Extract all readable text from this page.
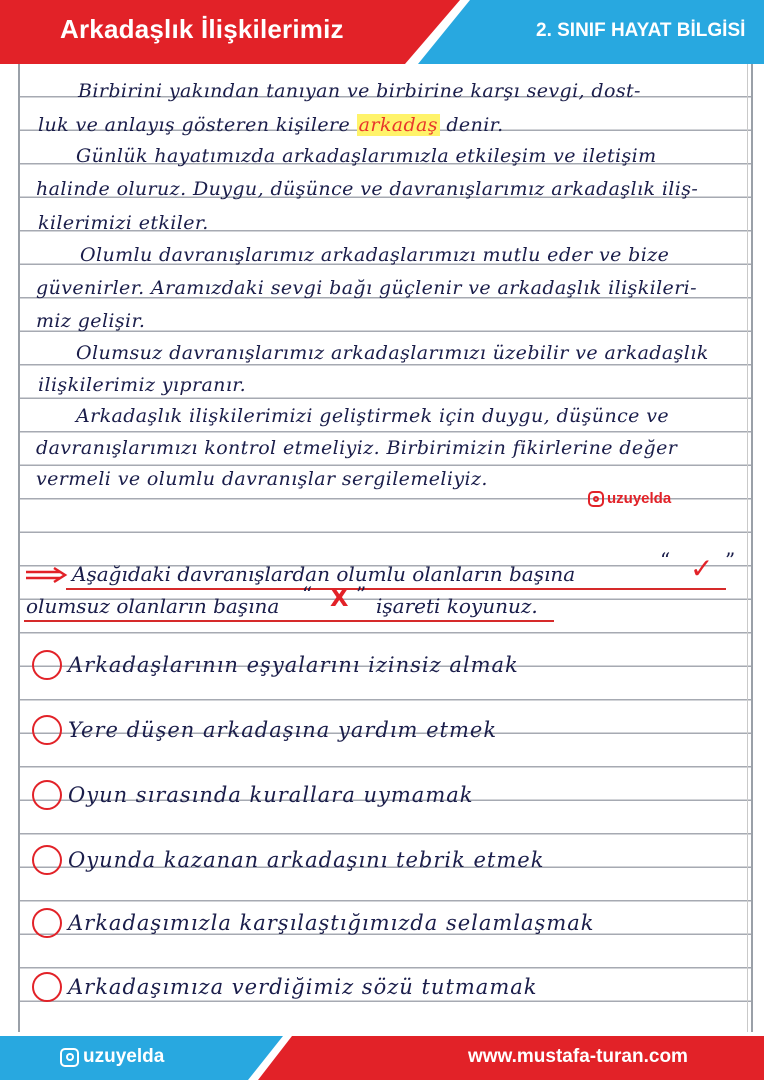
Arkadaşlık İlişkilerimiz	2. SINIF HAYAT BİLGİSİ
Birbirini yakından tanıyan ve birbirine karşı sevgi, dost-
luk ve anlayış gösteren kişilere arkadaş denir.
Günlük hayatımızda arkadaşlarımızla etkileşim ve iletişim
halinde oluruz. Duygu, düşünce ve davranışlarımız arkadaşlık iliş-
kilerimizi etkiler.
Olumlu davranışlarımız arkadaşlarımızı mutlu eder ve bize
güvenirler. Aramızdaki sevgi bağı güçlenir ve arkadaşlık ilişkileri-
miz gelişir.
Olumsuz davranışlarımız arkadaşlarımızı üzebilir ve arkadaşlık
ilişkilerimiz yıpranır.
Arkadaşlık ilişkilerimizi geliştirmek için duygu, düşünce ve
davranışlarımızı kontrol etmeliyiz. Birbirimizin fikirlerine değer
vermeli ve olumlu davranışlar sergilemeliyiz.
uzuyelda
Aşağıdaki davranışlardan olumlu olanların başına
“ ✓ ”
olumsuz olanların başına “ X ” işareti koyunuz.
Arkadaşlarının eşyalarını izinsiz almak
Yere düşen arkadaşına yardım etmek
Oyun sırasında kurallara uymamak
Oyunda kazanan arkadaşını tebrik etmek
Arkadaşımızla karşılaştığımızda selamlaşmak
Arkadaşımıza verdiğimiz sözü tutmamak
uzuyelda	www.mustafa-turan.com
